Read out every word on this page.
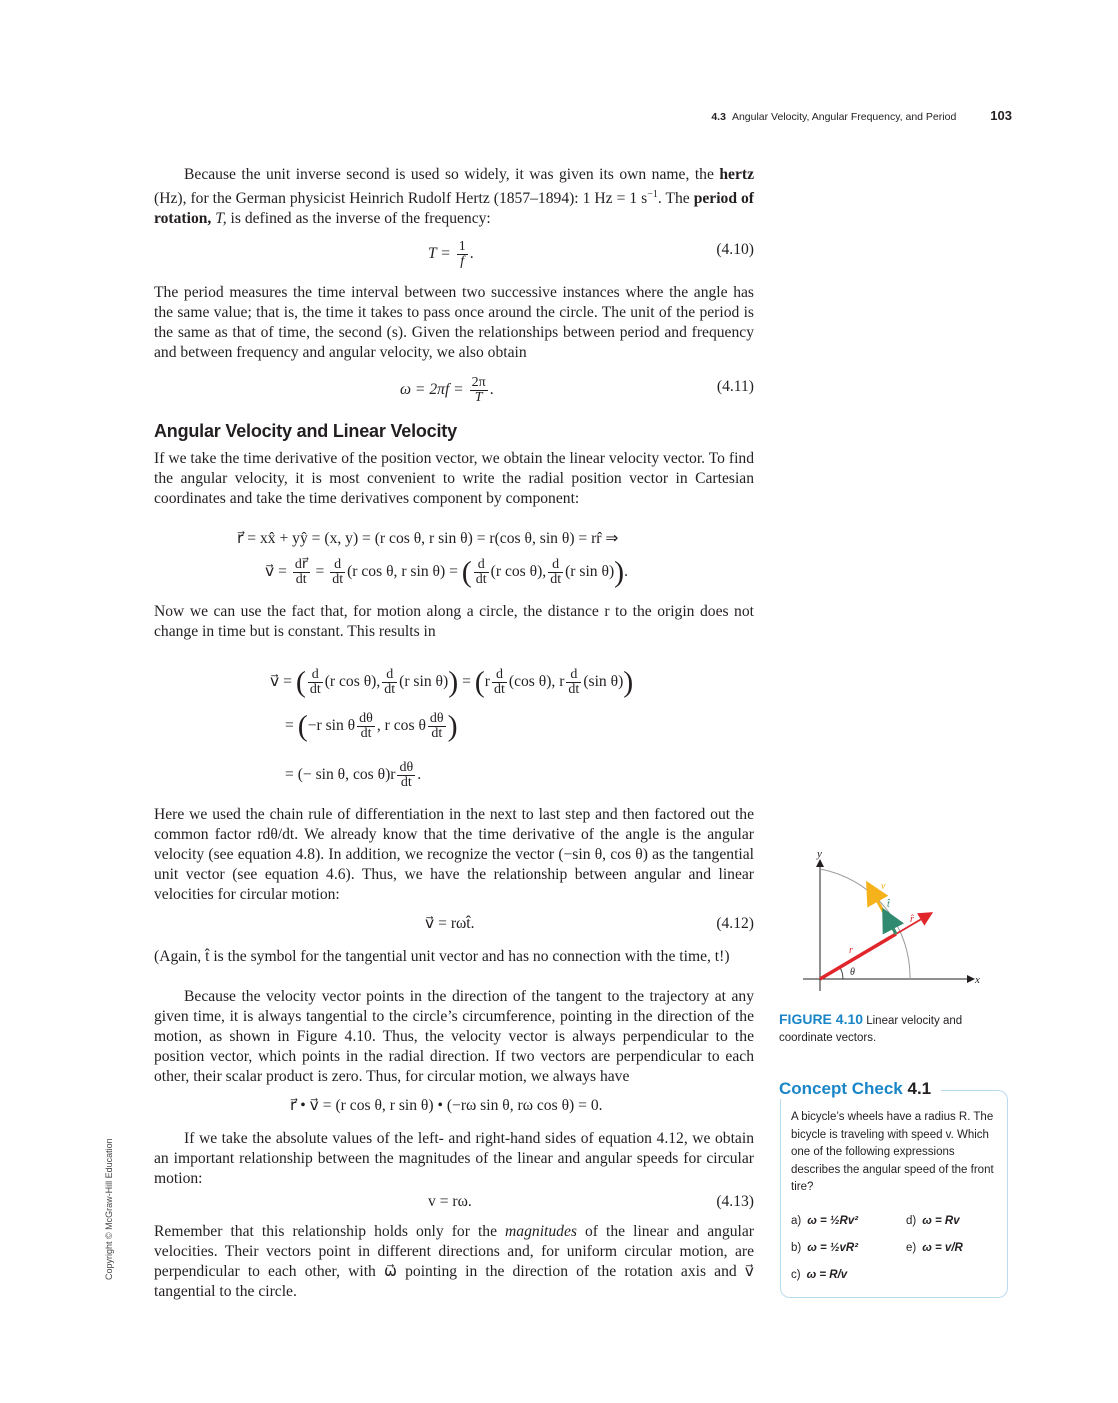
4.3 Angular Velocity, Angular Frequency, and Period	103
Because the unit inverse second is used so widely, it was given its own name, the hertz (Hz), for the German physicist Heinrich Rudolf Hertz (1857–1894): 1 Hz = 1 $s^{-1}$. The period of rotation, T, is defined as the inverse of the frequency:
$T = \frac{1}{f}$ .	(4.10)
The period measures the time interval between two successive instances where the angle has the same value; that is, the time it takes to pass once around the circle. The unit of the period is the same as that of time, the second (s). Given the relationships between period and frequency and between frequency and angular velocity, we also obtain
$\omega = 2\pi f = \frac{2\pi}{T}$ .	(4.11)
Angular Velocity and Linear Velocity
If we take the time derivative of the position vector, we obtain the linear velocity vector. To find the angular velocity, it is most convenient to write the radial position vector in Cartesian coordinates and take the time derivatives component by component:
r⃗ = xx̂ + yŷ = (x, y) = (r cos θ, r sin θ) = r(cos θ, sin θ) = rr̂ ⇒
v⃗ = $\frac{dr⃗}{dt} = \frac{d}{dt} (r$ cos θ, r sin θ) = ( $\frac{d}{dt} (r$ cos θ), $\frac{d}{dt} (r$ sin θ)).
Now we can use the fact that, for motion along a circle, the distance r to the origin does not change in time but is constant. This results in
v⃗ = ( $\frac{d}{dt} (r$ cos θ), $\frac{d}{dt} (r$ $\sin \theta)) = (r \frac{d}{dt} (\cos$ θ), r $\frac{d}{dt} (\sin$ θ))
= (−r sin θ $\frac{d\theta}{dt}$ , r cos θ $\frac{d\theta}{dt}$ )
= (− sin θ, $\cos \theta)r \frac{d\theta}{dt}$ .
Here we used the chain rule of differentiation in the next to last step and then factored out the common factor rdθ/dt. We already know that the time derivative of the angle is the angular velocity (see equation 4.8). In addition, we recognize the vector (−sin θ, cos θ) as the tangential unit vector (see equation 4.6). Thus, we have the relationship between angular and linear velocities for circular motion:
v⃗ = rωt̂.	(4.12)
(Again, t̂ is the symbol for the tangential unit vector and has no connection with the time, t!)
Because the velocity vector points in the direction of the tangent to the trajectory at any given time, it is always tangential to the circle’s circumference, pointing in the direction of the motion, as shown in Figure 4.10. Thus, the velocity vector is always perpendicular to the position vector, which points in the radial direction. If two vectors are perpendicular to each other, their scalar product is zero. Thus, for circular motion, we always have
r⃗ • v⃗ = (r cos θ, r sin θ) • (−rω sin θ, rω cos θ) = 0.
If we take the absolute values of the left- and right-hand sides of equation 4.12, we obtain an important relationship between the magnitudes of the linear and angular speeds for circular motion:
v = rω.	(4.13)
Remember that this relationship holds only for the magnitudes of the linear and angular velocities. Their vectors point in different directions and, for uniform circular motion, are perpendicular to each other, with ω⃗ pointing in the direction of the rotation axis and v⃗ tangential to the circle.
y
x
v⃗
t̂
r̂
r⃗
θ
FIGURE 4.10 Linear velocity and coordinate vectors.
Concept Check 4.1
A bicycle’s wheels have a radius R. The bicycle is traveling with speed v. Which one of the following expressions describes the angular speed of the front tire?
a) ω = ½Rv²
b) ω = ½vR²
c) ω = R/v
d) ω = Rv
e) ω = v/R
Copyright © McGraw-Hill Education
